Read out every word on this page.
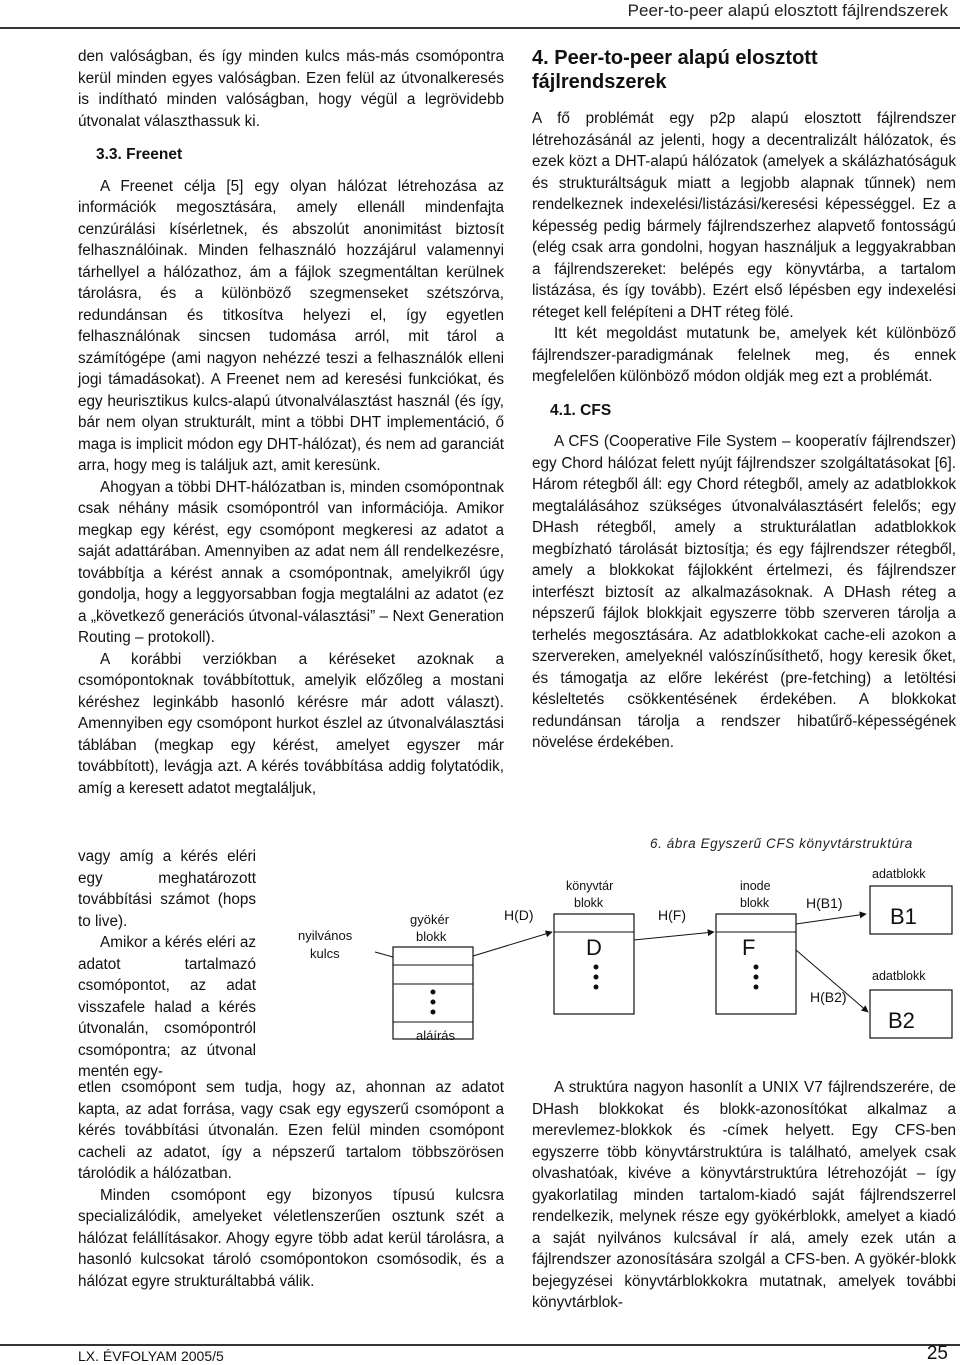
Peer-to-peer alapú elosztott fájlrendszerek

den valóságban, és így minden kulcs más-más csomópontra kerül minden egyes valóságban. Ezen felül az útvonalkeresés is indítható minden valóságban, hogy végül a legrövidebb útvonalat választhassuk ki.

3.3. Freenet

A Freenet célja [5] egy olyan hálózat létrehozása az információk megosztására, amely ellenáll mindenfajta cenzúrálási kísérletnek, és abszolút anonimitást biztosít felhasználóinak. Minden felhasználó hozzájárul valamennyi tárhellyel a hálózathoz, ám a fájlok szegmentáltan kerülnek tárolásra, és a különböző szegmenseket szétszórva, redundánsan és titkosítva helyezi el, így egyetlen felhasználónak sincsen tudomása arról, mit tárol a számítógépe (ami nagyon nehézzé teszi a felhasználók elleni jogi támadásokat). A Freenet nem ad keresési funkciókat, és egy heurisztikus kulcs-alapú útvonalválasztást használ (és így, bár nem olyan strukturált, mint a többi DHT implementáció, ő maga is implicit módon egy DHT-hálózat), és nem ad garanciát arra, hogy meg is találjuk azt, amit keresünk.

Ahogyan a többi DHT-hálózatban is, minden csomópontnak csak néhány másik csomópontról van információja. Amikor megkap egy kérést, egy csomópont megkeresi az adatot a saját adattárában. Amennyiben az adat nem áll rendelkezésre, továbbítja a kérést annak a csomópontnak, amelyikről úgy gondolja, hogy a leggyorsabban fogja megtalálni az adatot (ez a „következő generációs útvonal-választási” – Next Generation Routing – protokoll).

A korábbi verziókban a kéréseket azoknak a csomópontoknak továbbítottuk, amelyik előzőleg a mostani kéréshez leginkább hasonló kérésre már adott választ). Amennyiben egy csomópont hurkot észlel az útvonalválasztási táblában (megkap egy kérést, amelyet egyszer már továbbított), levágja azt. A kérés továbbítása addig folytatódik, amíg a keresett adatot megtaláljuk,

vagy amíg a kérés eléri egy meghatározott továbbítási számot (hops to live).

Amikor a kérés eléri az adatot tartalmazó csomópontot, az adat visszafele halad a kérés útvonalán, csomópontról csomópontra; az útvonal mentén egy-

etlen csomópont sem tudja, hogy az, ahonnan az adatot kapta, az adat forrása, vagy csak egy egyszerű csomópont a kérés továbbítási útvonalán. Ezen felül minden csomópont cacheli az adatot, így a népszerű tartalom többszörösen tárolódik a hálózatban.

Minden csomópont egy bizonyos típusú kulcsra specializálódik, amelyeket véletlenszerűen osztunk szét a hálózat felállításakor. Ahogy egyre több adat kerül tárolásra, a hasonló kulcsokat tároló csomópontokon csomósodik, és a hálózat egyre strukturáltabbá válik.

4. Peer-to-peer alapú elosztott fájlrendszerek

A fő problémát egy p2p alapú elosztott fájlrendszer létrehozásánál az jelenti, hogy a decentralizált hálózatok, és ezek közt a DHT-alapú hálózatok (amelyek a skálázhatóságuk és strukturáltságuk miatt a legjobb alapnak tűnnek) nem rendelkeznek indexelési/listázási/keresési képességgel. Ez a képesség pedig bármely fájlrendszerhez alapvető fontosságú (elég csak arra gondolni, hogyan használjuk a leggyakrabban a fájlrendszereket: belépés egy könyvtárba, a tartalom listázása, és így tovább). Ezért első lépésben egy indexelési réteget kell felépíteni a DHT réteg fölé.

Itt két megoldást mutatunk be, amelyek két különböző fájlrendszer-paradigmának felelnek meg, és ennek megfelelően különböző módon oldják meg ezt a problémát.

4.1. CFS

A CFS (Cooperative File System – kooperatív fájlrendszer) egy Chord hálózat felett nyújt fájlrendszer szolgáltatásokat [6]. Három rétegből áll: egy Chord rétegből, amely az adatblokkok megtalálásához szükséges útvonalválasztásért felelős; egy DHash rétegből, amely a strukturálatlan adatblokkok megbízható tárolását biztosítja; és egy fájlrendszer rétegből, amely a blokkokat fájlokként értelmezi, és fájlrendszer interfészt biztosít az alkalmazásoknak. A DHash réteg a népszerű fájlok blokkjait egyszerre több szerveren tárolja a terhelés megosztására. Az adatblokkokat cache-eli azokon a szervereken, amelyeknél valószínűsíthető, hogy keresik őket, és támogatja az előre lekérést (pre-fetching) a letöltési késleltetés csökkentésének érdekében. A blokkokat redundánsan tárolja a rendszer hibatűrő-képességének növelése érdekében.

6. ábra Egyszerű CFS könyvtárstruktúra
nyilvános
kulcs
gyökér
blokk
aláírás
H(D)
könyvtár
blokk
D
H(F)
inode
blokk
F
H(B1)
H(B2)
adatblokk
B1
adatblokk
B2

A struktúra nagyon hasonlít a UNIX V7 fájlrendszerére, de DHash blokkokat és blokk-azonosítókat alkalmaz a merevlemez-blokkok és -címek helyett. Egy CFS-ben egyszerre több könyvtárstruktúra is található, amelyek csak olvashatóak, kivéve a könyvtárstruktúra létrehozóját – így gyakorlatilag minden tartalom-kiadó saját fájlrendszerrel rendelkezik, melynek része egy gyökérblokk, amelyet a kiadó a saját nyilvános kulcsával ír alá, amely ezek után a fájlrendszer azonosítására szolgál a CFS-ben. A gyökér-blokk bejegyzései könyvtárblokkokra mutatnak, amelyek további könyvtárblok-

LX. ÉVFOLYAM 2005/5	25
